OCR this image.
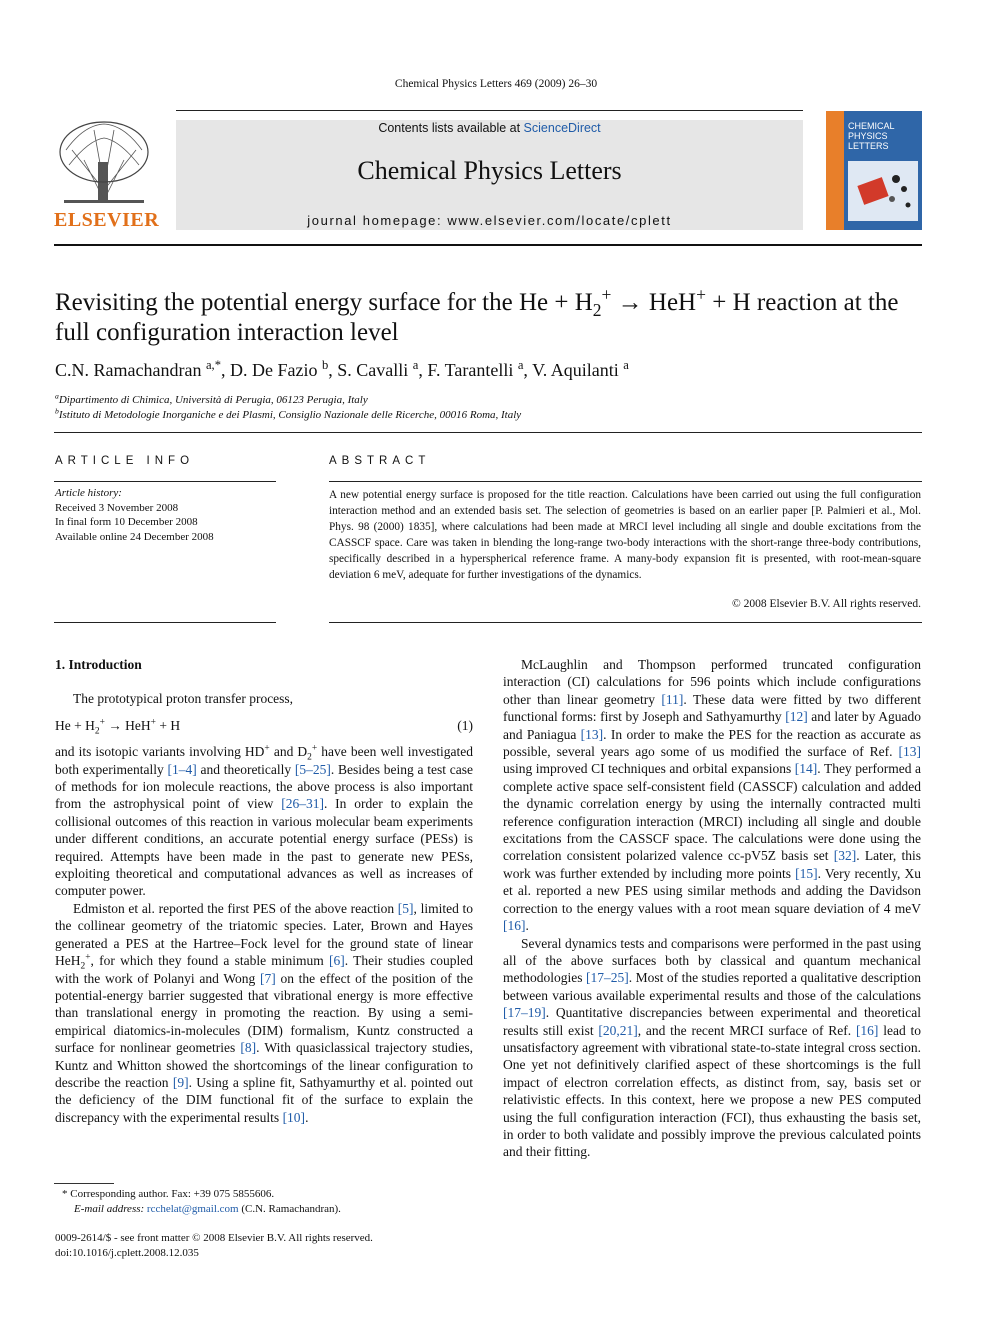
Chemical Physics Letters 469 (2009) 26–30
ELSEVIER
Contents lists available at ScienceDirect
Chemical Physics Letters
journal homepage: www.elsevier.com/locate/cplett
CHEMICAL
PHYSICS
LETTERS
Revisiting the potential energy surface for the $He + H_2^+ \to HeH^+ + H$ reaction at the full configuration interaction level
C.N. Ramachandran $^{a,*}$, D. De Fazio $^b$, S. Cavalli $^a$, F. Tarantelli $^a$, V. Aquilanti $^a$
$^a$Dipartimento di Chimica, Università di Perugia, 06123 Perugia, Italy
$^b$Istituto di Metodologie Inorganiche e dei Plasmi, Consiglio Nazionale delle Ricerche, 00016 Roma, Italy
ARTICLE INFO
Article history:
Received 3 November 2008
In final form 10 December 2008
Available online 24 December 2008
ABSTRACT
A new potential energy surface is proposed for the title reaction. Calculations have been carried out using the full configuration interaction method and an extended basis set. The selection of geometries is based on an earlier paper [P. Palmieri et al., Mol. Phys. 98 (2000) 1835], where calculations had been made at MRCI level including all single and double excitations from the CASSCF space. Care was taken in blending the long-range two-body interactions with the short-range three-body contributions, specifically described in a hyperspherical reference frame. A many-body expansion fit is presented, with root-mean-square deviation 6 meV, adequate for further investigations of the dynamics.
© 2008 Elsevier B.V. All rights reserved.
1. Introduction

The prototypical proton transfer process,

$He + H_2^+ \to HeH^+ + H$	(1)

and its isotopic variants involving HD+ and $D_2^+$ have been well investigated both experimentally [1–4] and theoretically [5–25]. Besides being a test case of methods for ion molecule reactions, the above process is also important from the astrophysical point of view [26–31]. In order to explain the collisional outcomes of this reaction in various molecular beam experiments under different conditions, an accurate potential energy surface (PESs) is required. Attempts have been made in the past to generate new PESs, exploiting theoretical and computational advances as well as increases of computer power.

Edmiston et al. reported the first PES of the above reaction [5], limited to the collinear geometry of the triatomic species. Later, Brown and Hayes generated a PES at the Hartree–Fock level for the ground state of linear HeH$_2$+, for which they found a stable minimum [6]. Their studies coupled with the work of Polanyi and Wong [7] on the effect of the position of the potential-energy barrier suggested that vibrational energy is more effective than translational energy in promoting the reaction. By using a semi-empirical diatomics-in-molecules (DIM) formalism, Kuntz constructed a surface for nonlinear geometries [8]. With quasiclassical trajectory studies, Kuntz and Whitton showed the shortcomings of the linear configuration to describe the reaction [9]. Using a spline fit, Sathyamurthy et al. pointed out the deficiency of the DIM functional fit of the surface to explain the discrepancy with the experimental results [10].

McLaughlin and Thompson performed truncated configuration interaction (CI) calculations for 596 points which include configurations other than linear geometry [11]. These data were fitted by two different functional forms: first by Joseph and Sathyamurthy [12] and later by Aguado and Paniagua [13]. In order to make the PES for the reaction as accurate as possible, several years ago some of us modified the surface of Ref. [13] using improved CI techniques and orbital expansions [14]. They performed a complete active space self-consistent field (CASSCF) calculation and added the dynamic correlation energy by using the internally contracted multi reference configuration interaction (MRCI) including all single and double excitations from the CASSCF space. The calculations were done using the correlation consistent polarized valence cc-pV5Z basis set [32]. Later, this work was further extended by including more points [15]. Very recently, Xu et al. reported a new PES using similar methods and adding the Davidson correction to the energy values with a root mean square deviation of 4 meV [16].

Several dynamics tests and comparisons were performed in the past using all of the above surfaces both by classical and quantum mechanical methodologies [17–25]. Most of the studies reported a qualitative description between various available experimental results and those of the calculations [17–19]. Quantitative discrepancies between experimental and theoretical results still exist [20,21], and the recent MRCI surface of Ref. [16] lead to unsatisfactory agreement with vibrational state-to-state integral cross section. One yet not definitively clarified aspect of these shortcomings is the full impact of electron correlation effects, as distinct from, say, basis set or relativistic effects. In this context, here we propose a new PES computed using the full configuration interaction (FCI), thus exhausting the basis set, in order to both validate and possibly improve the previous calculated points and their fitting.

* Corresponding author. Fax: +39 075 5855606.
E-mail address: rcchelat@gmail.com (C.N. Ramachandran).
0009-2614/$ - see front matter © 2008 Elsevier B.V. All rights reserved.
doi:10.1016/j.cplett.2008.12.035
